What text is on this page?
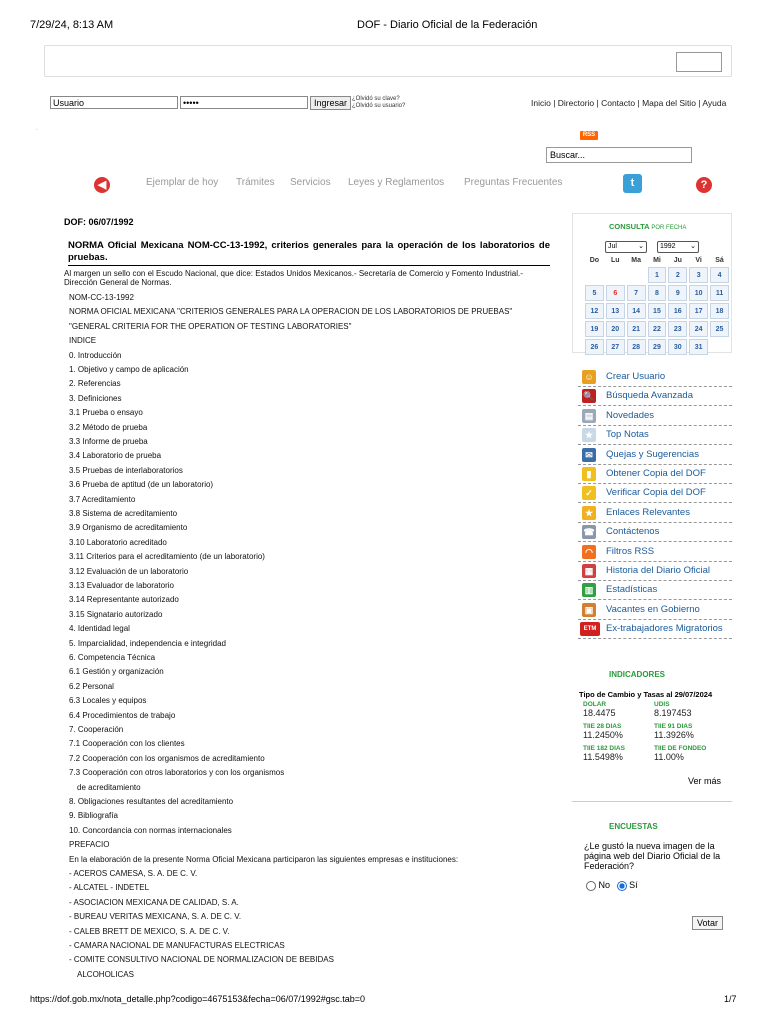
7/29/24, 8:13 AM	DOF - Diario Oficial de la Federación
Usuario
•••••
Ingresar ¿Olvidó su clave?
¿Olvidó su usuario?	Inicio | Directorio | Contacto | Mapa del Sitio | Ayuda
.
RSS
Buscar...
◀	Ejemplar de hoy Trámites Servicios Leyes y Reglamentos Preguntas Frecuentes	t	?
DOF: 06/07/1992
NORMA Oficial Mexicana NOM-CC-13-1992, criterios generales para la operación de los laboratorios de pruebas.
Al margen un sello con el Escudo Nacional, que dice: Estados Unidos Mexicanos.- Secretaría de Comercio y Fomento Industrial.- Dirección General de Normas.
NOM-CC-13-1992
NORMA OFICIAL MEXICANA "CRITERIOS GENERALES PARA LA OPERACION DE LOS LABORATORIOS DE PRUEBAS"
"GENERAL CRITERIA FOR THE OPERATION OF TESTING LABORATORIES"
INDICE
0. Introducción
1. Objetivo y campo de aplicación
2. Referencias
3. Definiciones
3.1 Prueba o ensayo
3.2 Método de prueba
3.3 Informe de prueba
3.4 Laboratorio de prueba
3.5 Pruebas de interlaboratorios
3.6 Prueba de aptitud (de un laboratorio)
3.7 Acreditamiento
3.8 Sistema de acreditamiento
3.9 Organismo de acreditamiento
3.10 Laboratorio acreditado
3.11 Criterios para el acreditamiento (de un laboratorio)
3.12 Evaluación de un laboratorio
3.13 Evaluador de laboratorio
3.14 Representante autorizado
3.15 Signatario autorizado
4. Identidad legal
5. Imparcialidad, independencia e integridad
6. Competencia Técnica
6.1 Gestión y organización
6.2 Personal
6.3 Locales y equipos
6.4 Procedimientos de trabajo
7. Cooperación
7.1 Cooperación con los clientes
7.2 Cooperación con los organismos de acreditamiento
7.3 Cooperación con otros laboratorios y con los organismos
de acreditamiento
8. Obligaciones resultantes del acreditamiento
9. Bibliografía
10. Concordancia con normas internacionales
PREFACIO
En la elaboración de la presente Norma Oficial Mexicana participaron las siguientes empresas e instituciones:
- ACEROS CAMESA, S. A. DE C. V.
- ALCATEL - INDETEL
- ASOCIACION MEXICANA DE CALIDAD, S. A.
- BUREAU VERITAS MEXICANA, S. A. DE C. V.
- CALEB BRETT DE MEXICO, S. A. DE C. V.
- CAMARA NACIONAL DE MANUFACTURAS ELECTRICAS
- COMITE CONSULTIVO NACIONAL DE NORMALIZACION DE BEBIDAS
ALCOHOLICAS
CONSULTA POR FECHA
Jul	⌄	1992 ⌄
Do	Lu	Ma	Mi	Ju	Vi	Sá
			1	2	3	4
5	6	7	8	9	10	11
12	13	14	15	16	17	18
19	20	21	22	23	24	25
26	27	28	29	30	31	
☺ Crear Usuario
🔍 Búsqueda Avanzada
▤ Novedades
★	Top Notas
✉	Quejas y Sugerencias
▮	Obtener Copia del DOF
✓	Verificar Copia del DOF
★	Enlaces Relevantes
☎ Contáctenos
◠	Filtros RSS
▦ Historia del Diario Oficial
▥ Estadísticas
▣ Vacantes en Gobierno
ETM	Ex-trabajadores Migratorios
INDICADORES
Tipo de Cambio y Tasas al 29/07/2024
DOLAR
18.4475
UDIS
8.197453
TIIE 28 DIAS
11.2450%
TIIE 91 DIAS
11.3926%
TIIE 182 DIAS
11.5498%
TIIE DE FONDEO
11.00%
Ver más
ENCUESTAS
¿Le gustó la nueva imagen de la página web del Diario Oficial de la Federación?
No Sí
Votar
https://dof.gob.mx/nota_detalle.php?codigo=4675153&fecha=06/07/1992#gsc.tab=0	1/7
